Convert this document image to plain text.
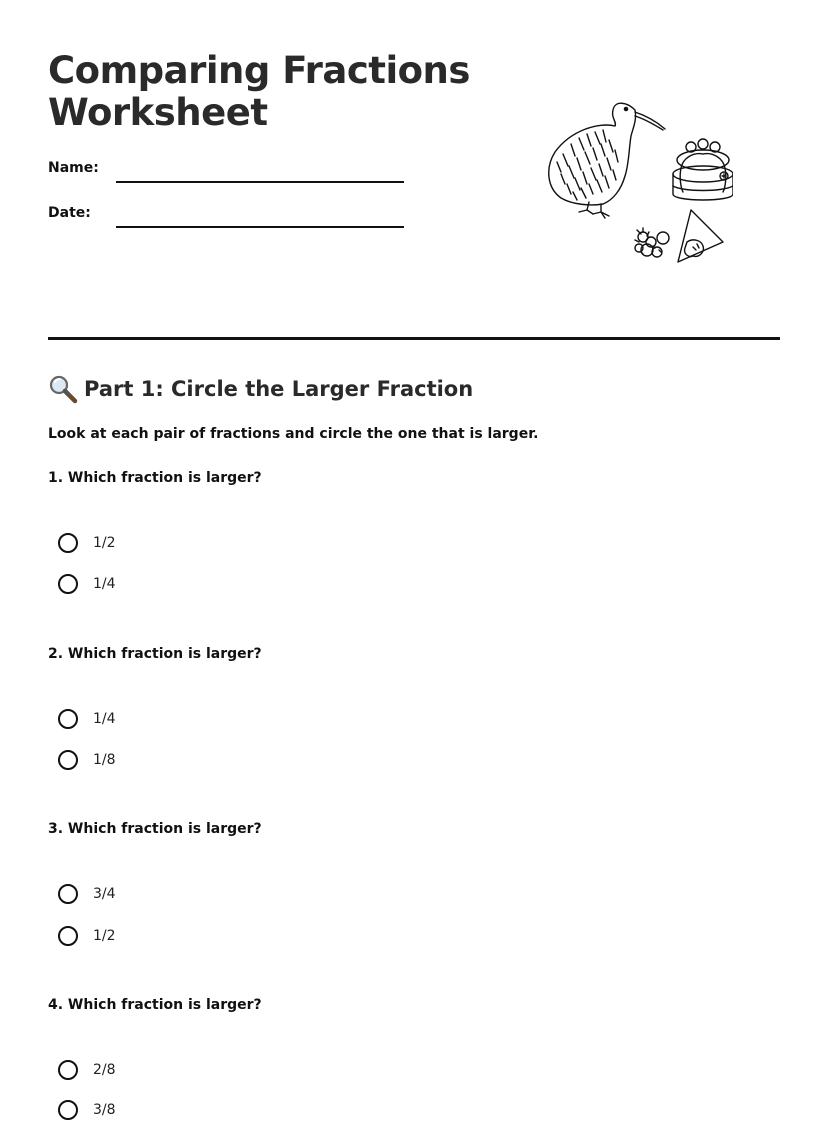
Comparing Fractions Worksheet
Name:
Date:
Part 1: Circle the Larger Fraction
Look at each pair of fractions and circle the one that is larger.
1. Which fraction is larger?
1/2
1/4
2. Which fraction is larger?
1/4
1/8
3. Which fraction is larger?
3/4
1/2
4. Which fraction is larger?
2/8
3/8
